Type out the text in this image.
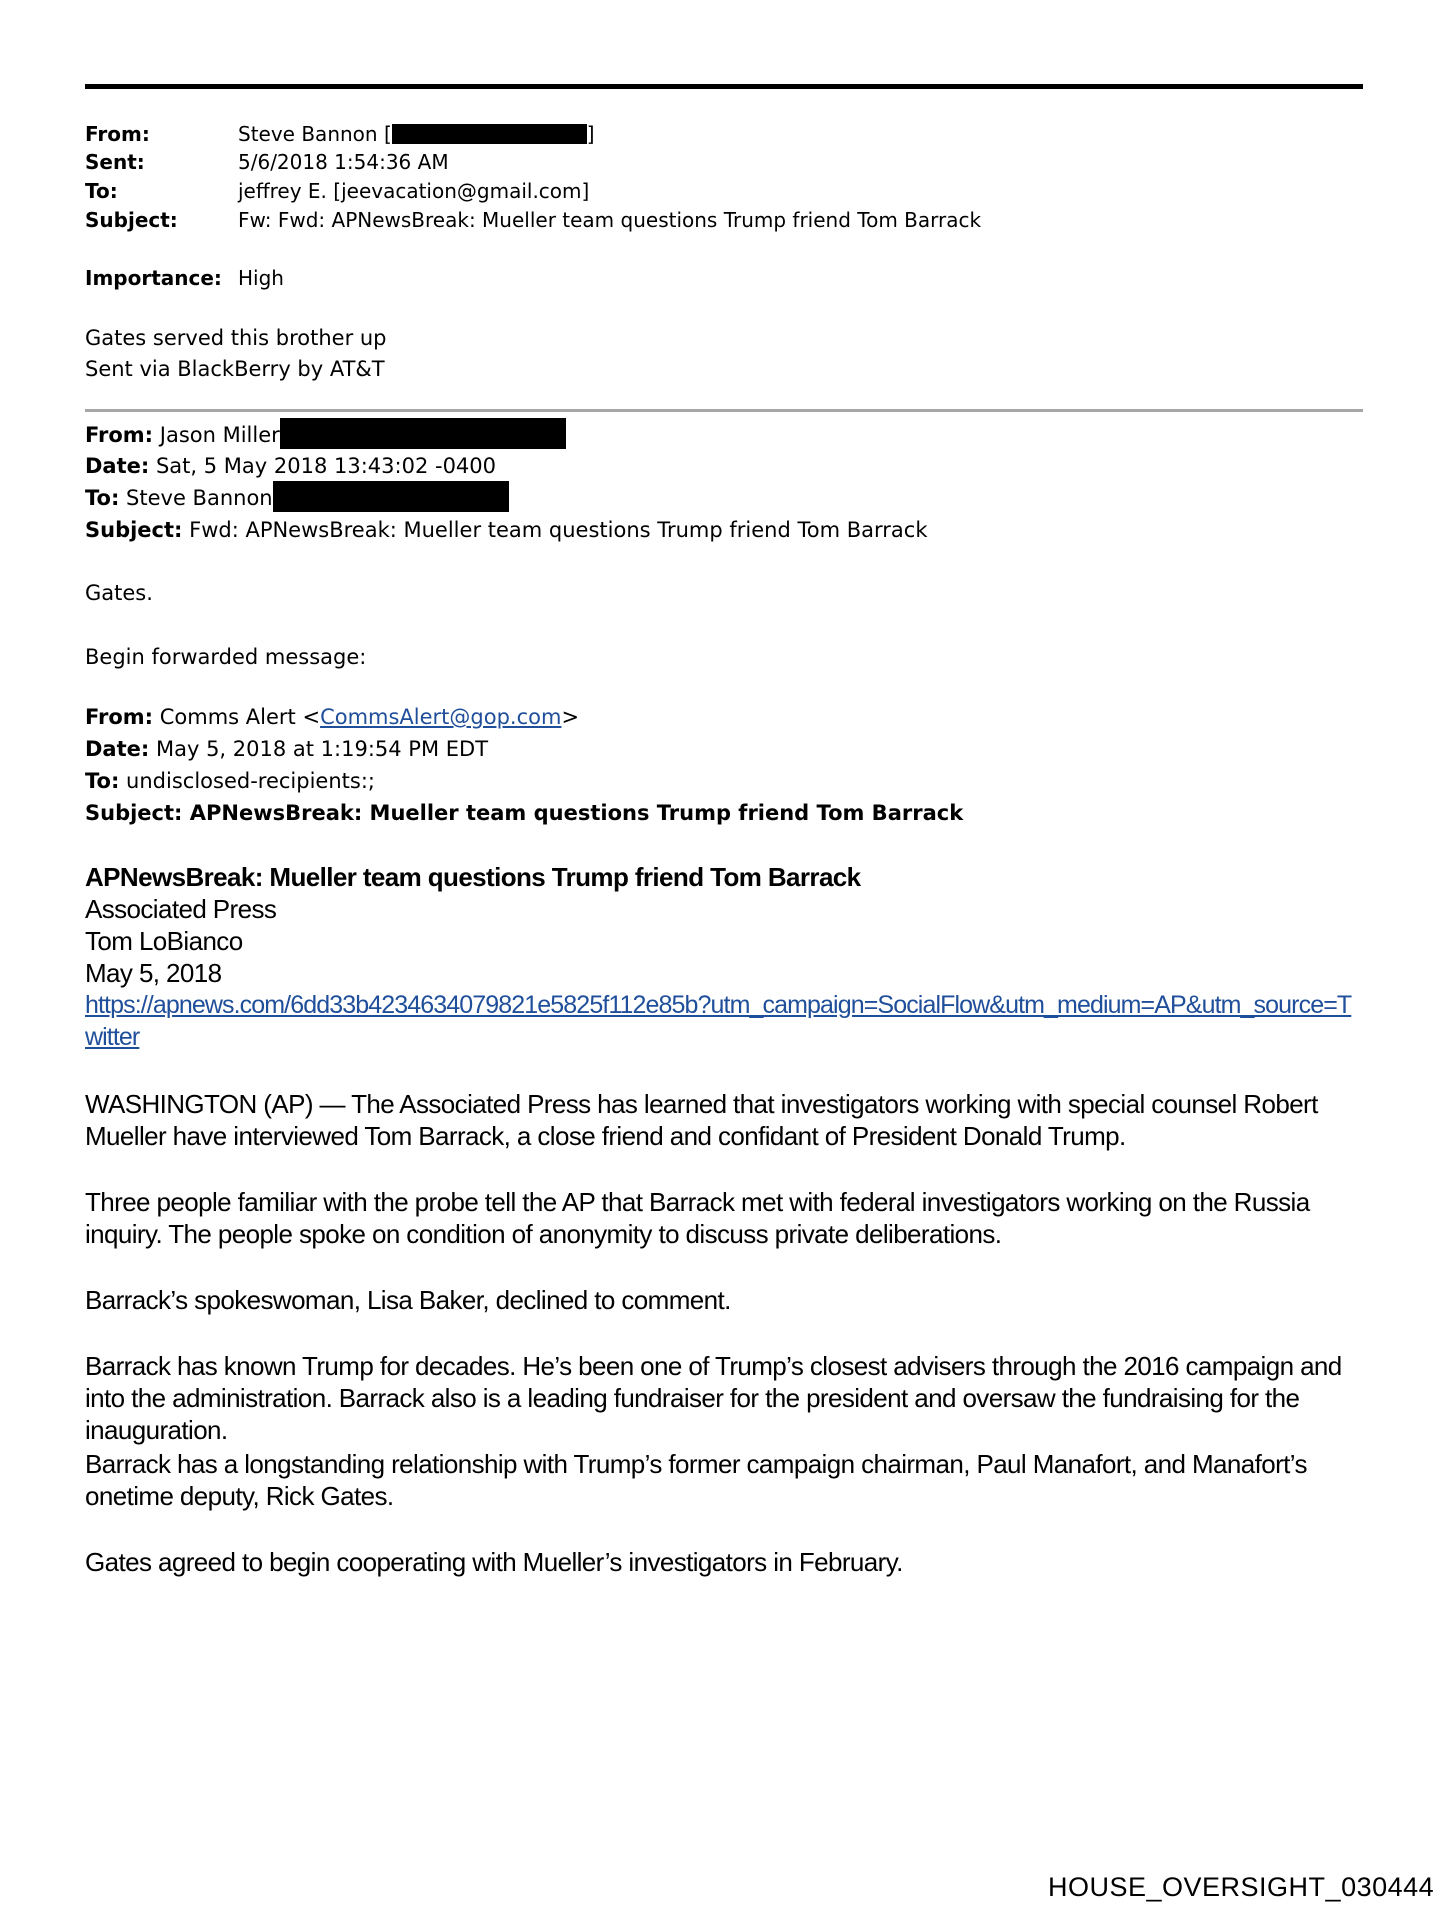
From:	Steve Bannon [	]
Sent:	5/6/2018 1:54:36 AM
To:	jeffrey E. [jeevacation@gmail.com]
Subject:	Fw: Fwd: APNewsBreak: Mueller team questions Trump friend Tom Barrack
Importance: High
Gates served this brother up
Sent via BlackBerry by AT&T
From: Jason Miller
Date: Sat, 5 May 2018 13:43:02 -0400
To: Steve Bannon
Subject: Fwd: APNewsBreak: Mueller team questions Trump friend Tom Barrack
Gates.
Begin forwarded message:
From: Comms Alert <CommsAlert@gop.com>
Date: May 5, 2018 at 1:19:54 PM EDT
To: undisclosed-recipients:;
Subject: APNewsBreak: Mueller team questions Trump friend Tom Barrack
APNewsBreak: Mueller team questions Trump friend Tom Barrack
Associated Press
Tom LoBianco
May 5, 2018
https://apnews.com/6dd33b4234634079821e5825f112e85b?utm_campaign=SocialFlow&utm_medium=AP&utm_source=T
witter
WASHINGTON (AP) — The Associated Press has learned that investigators working with special counsel Robert Mueller have interviewed Tom Barrack, a close friend and confidant of President Donald Trump.
Three people familiar with the probe tell the AP that Barrack met with federal investigators working on the Russia inquiry. The people spoke on condition of anonymity to discuss private deliberations.
Barrack’s spokeswoman, Lisa Baker, declined to comment.
Barrack has known Trump for decades. He’s been one of Trump’s closest advisers through the 2016 campaign and into the administration. Barrack also is a leading fundraiser for the president and oversaw the fundraising for the inauguration.
Barrack has a longstanding relationship with Trump’s former campaign chairman, Paul Manafort, and Manafort’s onetime deputy, Rick Gates.
Gates agreed to begin cooperating with Mueller’s investigators in February.
HOUSE_OVERSIGHT_030444
